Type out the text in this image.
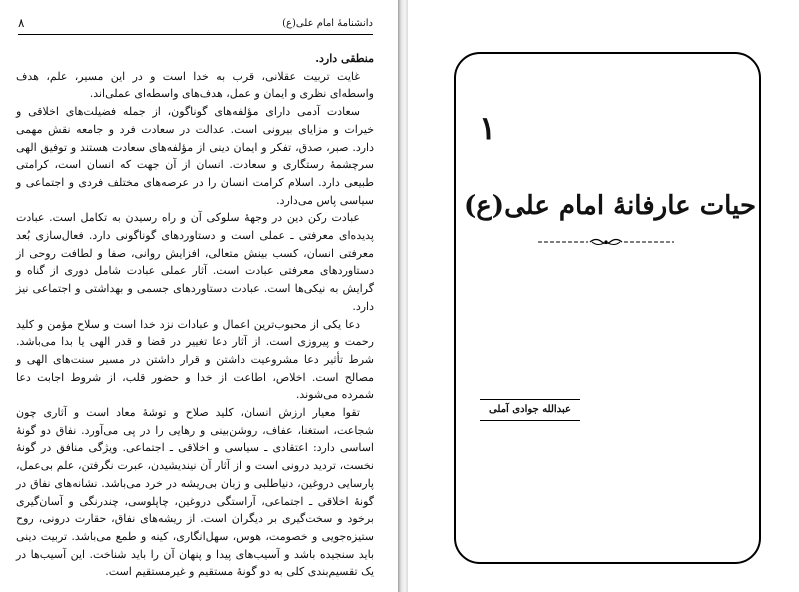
دانشنامهٔ امام علی(ع)
۸

منطقی دارد.

غایت تربیت عقلانی، قرب به خدا است و در این مسیر، علم، هدف واسطه‌ای نظری و ایمان و عمل، هدف‌های واسطه‌ای عملی‌اند.

سعادت آدمی دارای مؤلفه‌های گوناگون، از جمله فضیلت‌های اخلاقی و خیرات و مزایای بیرونی است. عدالت در سعادت فرد و جامعه نقش مهمی دارد. صبر، صدق، تفکر و ایمان دینی از مؤلفه‌های سعادت هستند و توفیق الهی سرچشمهٔ رستگاری و سعادت. انسان از آن جهت که انسان است، کرامتی طبیعی دارد. اسلام کرامت انسان را در عرصه‌های مختلف فردی و اجتماعی و سیاسی پاس می‌دارد.

عبادت رکن دین در وجههٔ سلوکی آن و راه رسیدن به تکامل است. عبادت پدیده‌ای معرفتی ـ عملی است و دستاوردهای گوناگونی دارد. فعال‌سازی بُعد معرفتی انسان، کسب بینش متعالی، افزایش روانی، صفا و لطافت روحی از دستاوردهای معرفتی عبادت است. آثار عملی عبادت شامل دوری از گناه و گرایش به نیکی‌ها است. عبادت دستاوردهای جسمی و بهداشتی و اجتماعی نیز دارد.

دعا یکی از محبوب‌ترین اعمال و عبادات نزد خدا است و سلاح مؤمن و کلید رحمت و پیروزی است. از آثار دعا تغییر در قضا و قدر الهی یا بدا می‌باشد. شرط تأثیر دعا مشروعیت داشتن و قرار داشتن در مسیر سنت‌های الهی و مصالح است. اخلاص، اطاعت از خدا و حضور قلب، از شروط اجابت دعا شمرده می‌شوند.

تقوا معیار ارزش انسان، کلید صلاح و توشهٔ معاد است و آثاری چون شجاعت، استغنا، عفاف، روشن‌بینی و رهایی را در پی می‌آورد. نفاق دو گونهٔ اساسی دارد: اعتقادی ـ سیاسی و اخلاقی ـ اجتماعی. ویژگی منافق در گونهٔ نخست، تردید درونی است و از آثار آن نیندیشیدن، عبرت نگرفتن، علم بی‌عمل، پارسایی دروغین، دنیاطلبی و زبان بی‌ریشه در خرد می‌باشد. نشانه‌های نفاق در گونهٔ اخلاقی ـ اجتماعی، آراستگی دروغین، چاپلوسی، چندرنگی و آسان‌گیری برخود و سخت‌گیری بر دیگران است. از ریشه‌های نفاق، حقارت درونی، روح ستیزه‌جویی و خصومت، هوس، سهل‌انگاری، کینه و طمع می‌باشد. تربیت دینی باید سنجیده باشد و آسیب‌های پیدا و پنهان آن را باید شناخت. این آسیب‌ها در یک تقسیم‌بندی کلی به دو گونهٔ مستقیم و غیرمستقیم است.

١
حیات عارفانهٔ امام علی(ع)
عبدالله جوادی آملی
